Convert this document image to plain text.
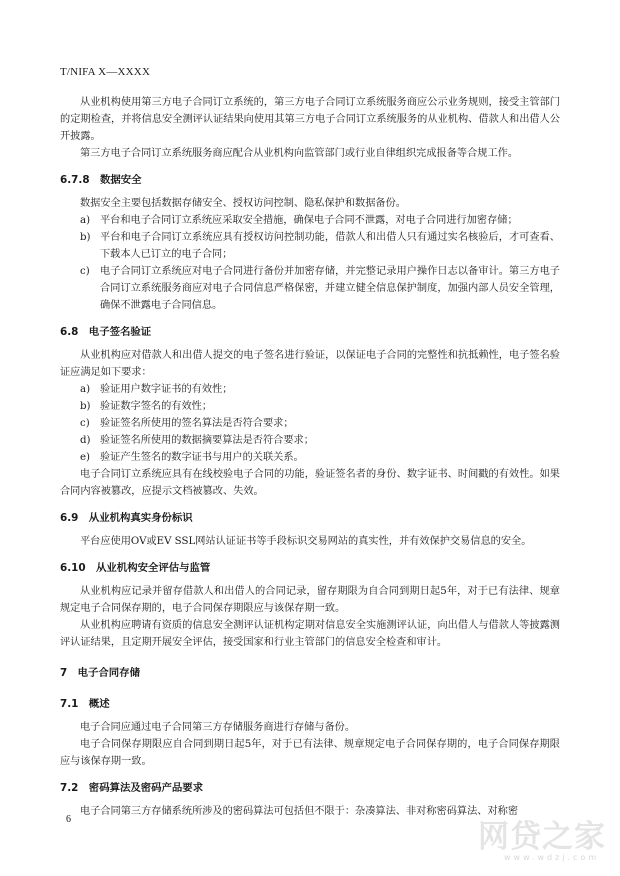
T/NIFA X—XXXX

从业机构使用第三方电子合同订立系统的，第三方电子合同订立系统服务商应公示业务规则，接受主管部门的定期检查，并将信息安全测评认证结果向使用其第三方电子合同订立系统服务的从业机构、借款人和出借人公开披露。

第三方电子合同订立系统服务商应配合从业机构向监管部门或行业自律组织完成报备等合规工作。

6.7.8　数据安全

数据安全主要包括数据存储安全、授权访问控制、隐私保护和数据备份。

a) 平台和电子合同订立系统应采取安全措施，确保电子合同不泄露，对电子合同进行加密存储；
b) 平台和电子合同订立系统应具有授权访问控制功能，借款人和出借人只有通过实名核验后，才可查看、下载本人已订立的电子合同；
c) 电子合同订立系统应对电子合同进行备份并加密存储，并完整记录用户操作日志以备审计。第三方电子合同订立系统服务商应对电子合同信息严格保密，并建立健全信息保护制度，加强内部人员安全管理，确保不泄露电子合同信息。

6.8　电子签名验证

从业机构应对借款人和出借人提交的电子签名进行验证，以保证电子合同的完整性和抗抵赖性，电子签名验证应满足如下要求：

a) 验证用户数字证书的有效性；
b) 验证数字签名的有效性；
c) 验证签名所使用的签名算法是否符合要求；
d) 验证签名所使用的数据摘要算法是否符合要求；
e) 验证产生签名的数字证书与用户的关联关系。

电子合同订立系统应具有在线校验电子合同的功能，验证签名者的身份、数字证书、时间戳的有效性。如果合同内容被篡改，应提示文档被篡改、失效。

6.9　从业机构真实身份标识

平台应使用OV或EV SSL网站认证证书等手段标识交易网站的真实性，并有效保护交易信息的安全。

6.10　从业机构安全评估与监管

从业机构应记录并留存借款人和出借人的合同记录，留存期限为自合同到期日起5年，对于已有法律、规章规定电子合同保存期的，电子合同保存期限应与该保存期一致。

从业机构应聘请有资质的信息安全测评认证机构定期对信息安全实施测评认证，向出借人与借款人等披露测评认证结果，且定期开展安全评估，接受国家和行业主管部门的信息安全检查和审计。

7　电子合同存储

7.1　概述

电子合同应通过电子合同第三方存储服务商进行存储与备份。

电子合同保存期限应自合同到期日起5年，对于已有法律、规章规定电子合同保存期的，电子合同保存期限应与该保存期一致。

7.2　密码算法及密码产品要求

电子合同第三方存储系统所涉及的密码算法可包括但不限于：杂凑算法、非对称密码算法、对称密

6	网贷之家
www.wdzj.com
